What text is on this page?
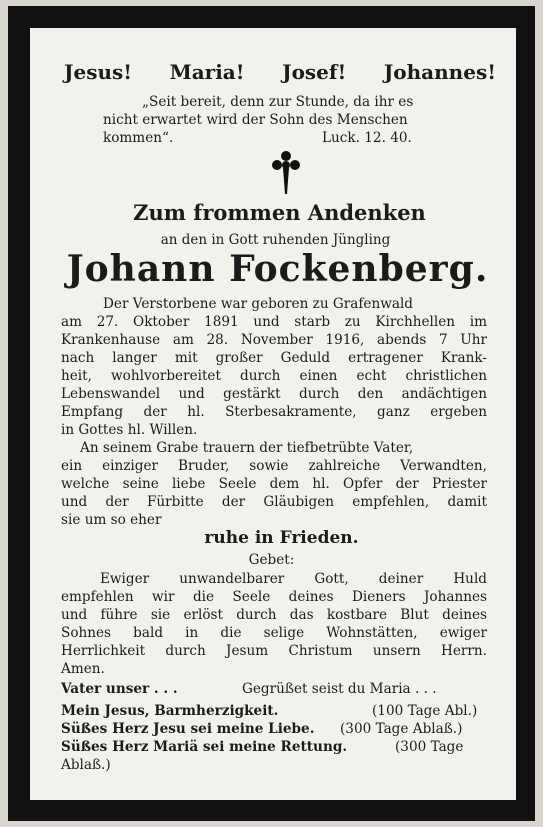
Jesus! Maria! Josef! Johannes!
„Seit bereit, denn zur Stunde, da ihr es
nicht erwartet wird der Sohn des Menschen
kommen“.	Luck. 12. 40.
Zum frommen Andenken
an den in Gott ruhenden Jüngling
Johann Fockenberg.
Der Verstorbene war geboren zu Grafenwald
am 27. Oktober 1891 und starb zu Kirchhellen im
Krankenhause am 28. November 1916, abends 7 Uhr
nach langer mit großer Geduld ertragener Krank-
heit, wohlvorbereitet durch einen echt christlichen
Lebenswandel und gestärkt durch den andächtigen
Empfang der hl. Sterbesakramente, ganz ergeben
in Gottes hl. Willen.
An seinem Grabe trauern der tiefbetrübte Vater,
ein einziger Bruder, sowie zahlreiche Verwandten,
welche seine liebe Seele dem hl. Opfer der Priester
und der Fürbitte der Gläubigen empfehlen, damit
sie um so eher
ruhe in Frieden.
Gebet:
Ewiger unwandelbarer Gott, deiner Huld
empfehlen wir die Seele deines Dieners Johannes
und führe sie erlöst durch das kostbare Blut deines
Sohnes bald in die selige Wohnstätten, ewiger
Herrlichkeit durch Jesum Christum unsern Herrn.
Amen.
Vater unser . . .	Gegrüßet seist du Maria . . .
Mein Jesus, Barmherzigkeit.	(100 Tage Abl.)
Süßes Herz Jesu sei meine Liebe. (300 Tage Ablaß.)
Süßes Herz Mariä sei meine Rettung.	(300 Tage
Ablaß.)
